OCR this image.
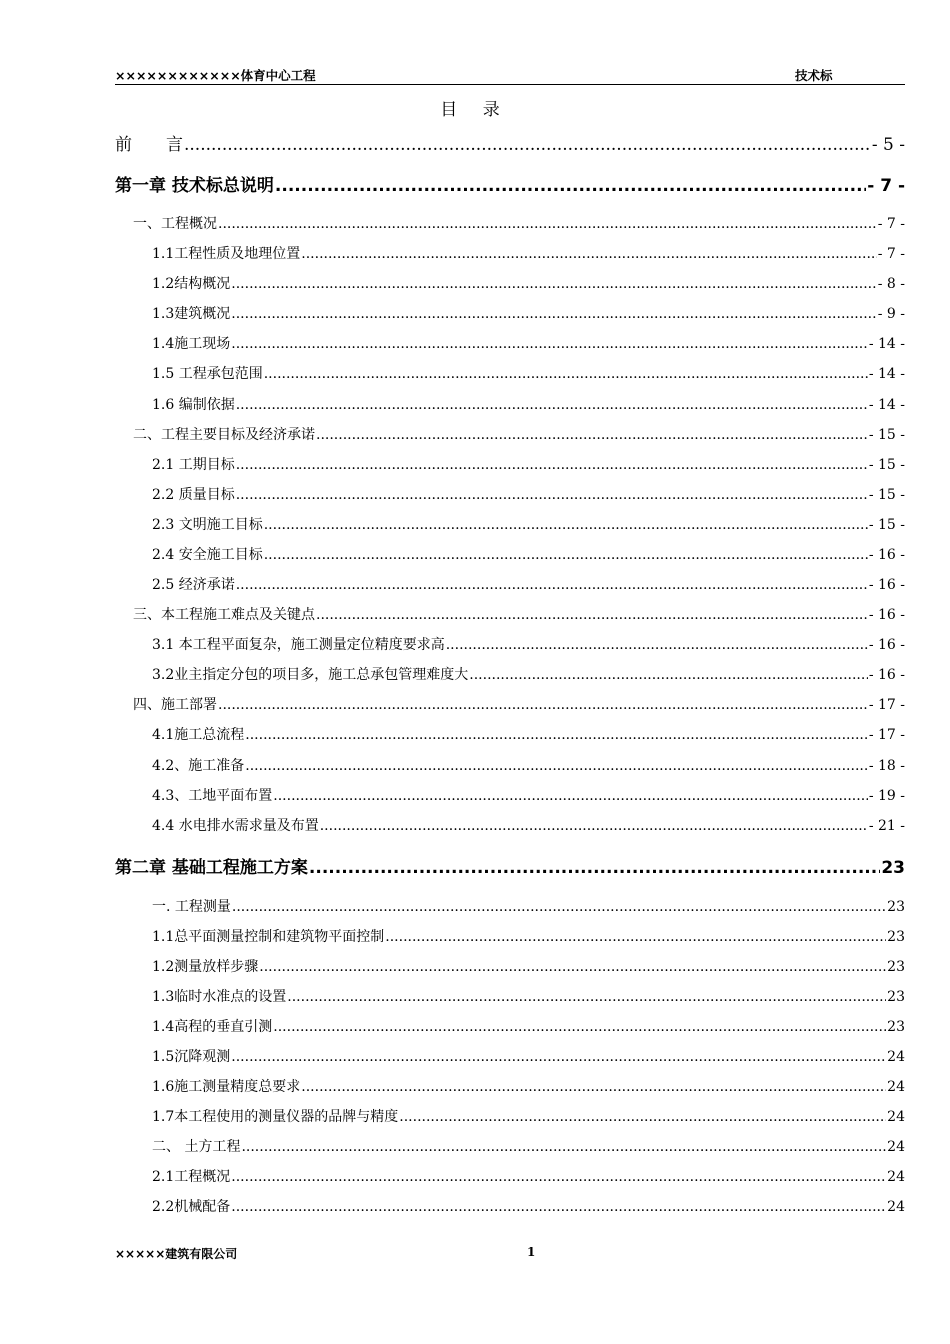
××××××××××××体育中心工程	技术标
目 录
前　　言 .....	- 5 -
第一章 技术标总说明 .....	- 7 -
一、工程概况 .....	- 7 -
1.1工程性质及地理位置 .....	- 7 -
1.2结构概况 .....	- 8 -
1.3建筑概况 .....	- 9 -
1.4施工现场 .....	- 14 -
1.5 工程承包范围 .....	- 14 -
1.6 编制依据 .....	- 14 -
二、工程主要目标及经济承诺 .....	- 15 -
2.1 工期目标 .....	- 15 -
2.2 质量目标 .....	- 15 -
2.3 文明施工目标 .....	- 15 -
2.4 安全施工目标 .....	- 16 -
2.5 经济承诺 .....	- 16 -
三、本工程施工难点及关键点 .....	- 16 -
3.1 本工程平面复杂，施工测量定位精度要求高 .....	- 16 -
3.2业主指定分包的项目多，施工总承包管理难度大 .....	- 16 -
四、施工部署 .....	- 17 -
4.1施工总流程 .....	- 17 -
4.2、施工准备 .....	- 18 -
4.3、工地平面布置 .....	- 19 -
4.4 水电排水需求量及布置 .....	- 21 -
第二章 基础工程施工方案 .....	23
一. 工程测量 .....	23
1.1总平面测量控制和建筑物平面控制 .....	23
1.2测量放样步骤 .....	23
1.3临时水准点的设置 .....	23
1.4高程的垂直引测 .....	23
1.5沉降观测 .....	24
1.6施工测量精度总要求 .....	24
1.7本工程使用的测量仪器的品牌与精度 .....	24
二、 土方工程 .....	24
2.1工程概况 .....	24
2.2机械配备 .....	24
×××××建筑有限公司	1
